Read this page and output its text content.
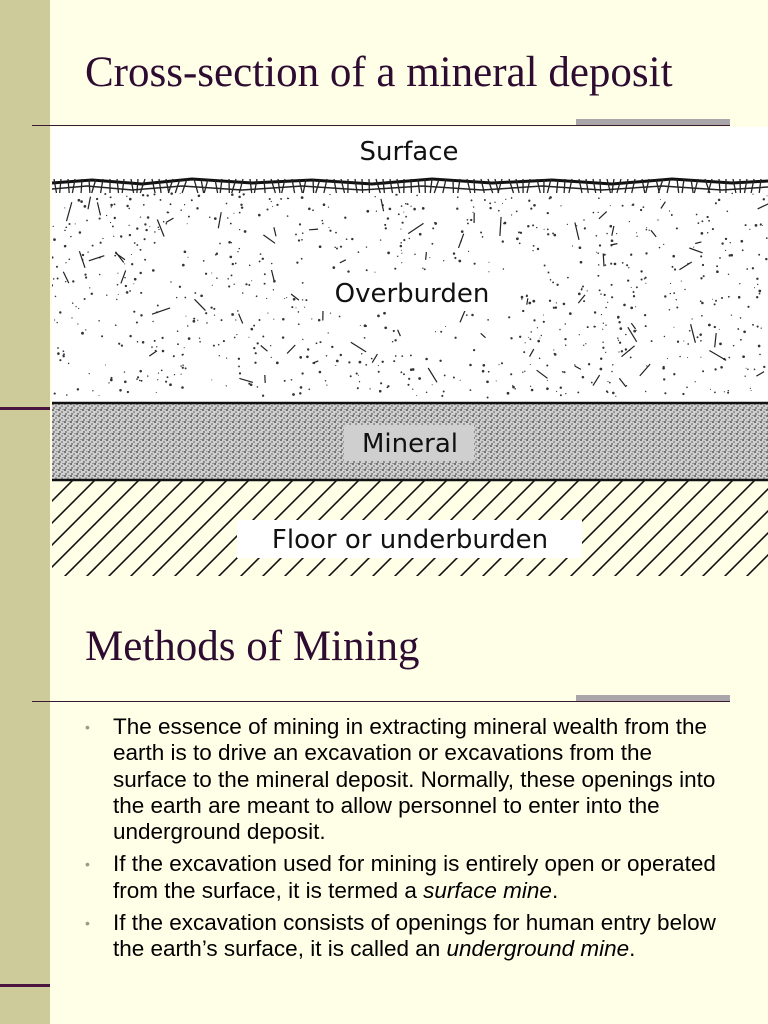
Cross-section of a mineral deposit
Surface
Overburden
Mineral
Floor or underburden
Methods of Mining
• The essence of mining in extracting mineral wealth from the earth is to drive an excavation or excavations from the surface to the mineral deposit. Normally, these openings into the earth are meant to allow personnel to enter into the underground deposit.
• If the excavation used for mining is entirely open or operated from the surface, it is termed a surface mine.
• If the excavation consists of openings for human entry below the earth’s surface, it is called an underground mine.
